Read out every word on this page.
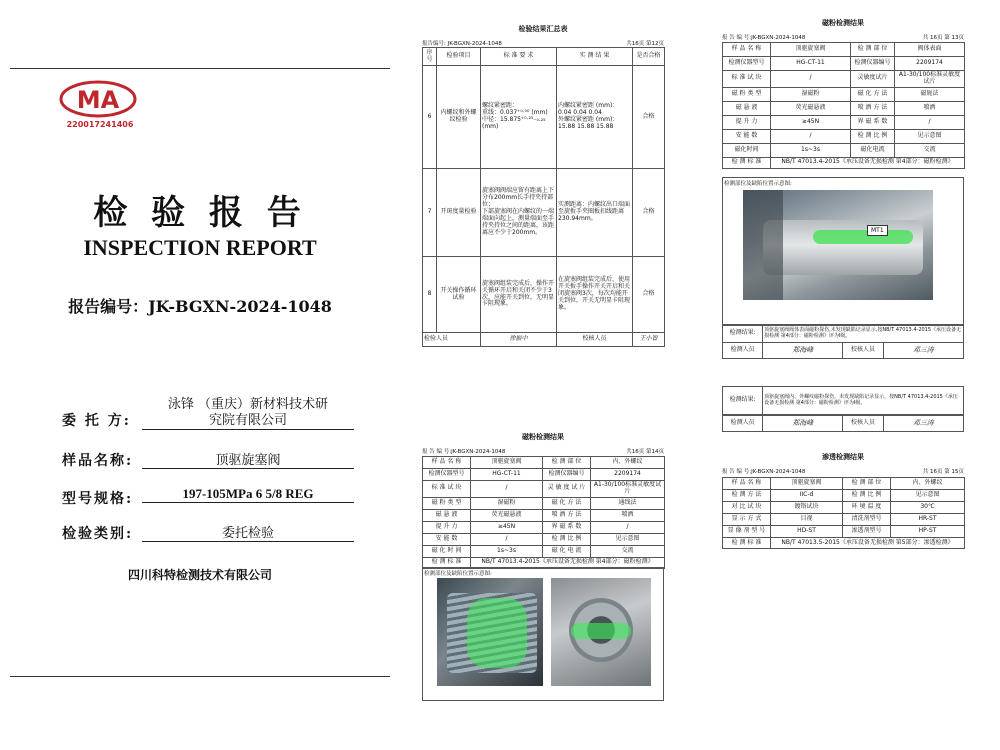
MA
220017241406
检 验 报 告
INSPECTION REPORT
报告编号：JK-BGXN-2024-1048
委 托 方:
泳锋 （重庆）新材料技术研
究院有限公司
样品名称:	顶驱旋塞阀
型号规格:	197-105MPa 6 5/8 REG
检验类别:	委托检验
四川科特检测技术有限公司
检验结果汇总表
报告编号: JK-BGXN-2024-1048	共16页 第12页
序号	检验项目	标 准 要 求	实 测 结 果	是否合格
6	内螺纹和外螺纹检验	螺纹紧密距：
重线：0.037⁺⁰⋅⁰⁰ (mm)
中径：15.875⁺⁰⋅²⁵₋₀.₂₅ (mm)	内螺纹紧密距 (mm)：
0.04 0.04 0.04
外螺纹紧密距 (mm)：
15.88 15.88 15.88	合格
7	开斑度量检验	旋塞阀阀端应留有距离上下分布200mm长手持夹持部位；
下部旋塞阀在内螺纹的一端端面向起上，测量端面至手持夹持位之间的距离，该距离应不少于200mm。	实测距离：内螺纹出口端面至旋扳手夹圈板扣线距离230.94mm。	合格
8	开关操作循环试验	旋塞阀组装完成后，操作开关循环开启和关闭不少于3次，应能开关到位，无明显卡阻现象。	在旋塞阀组装完成后，使用开关扳手操作开关开启和关闭旋塞阀3次，每次均能开关到位，开关无明显卡阻现象。	合格
检验人员		徐振中	校核人员	王小智
磁粉检测结果
报 告 编 号:JK-BGXN-2024-1048	共 16页 第 13页
样 品 名 称	顶驱旋塞阀	检 测 部 位	阀体表面
检测仪器型号	HG-CT-11	检测仪器编号	2209174
标 准 试 块	/	灵敏度试片	A1-30/100标准灵敏度试片
磁 粉 类 型	湿磁粉	磁 化 方 法	磁轭法
磁 悬 液	荧光磁悬液	喷 洒 方 法	喷洒
提 升 力	≥45N	界 磁 系 数	/
安 能 数	/	检 测 比 例	见示意图
磁化时间	1s~3s	磁化电流	交流
检 测 标 准	NB/T 47013.4-2015《承压设备无损检测 第4部分：磁粉检测》		
检测部位及缺陷位置示意图:
MT1
检测结果:	顶驱旋塞阀阀体表面磁粉探伤,未发现缺陷记录显示,按NB/T 47013.4-2015《承压设备无损检测 第4部分：磁粉检测》评为I级。
检测人员	郑海峰	校核人员	邓三涛
检测结果:	顶驱旋塞阀内、外螺纹磁粉探伤，未发现缺陷记录显示，按NB/T 47013.4-2015《承压设备无损检测 第4部分：磁粉检测》评为I级。
检测人员	郑海峰	校核人员	邓三涛
磁粉检测结果
报 告 编 号:JK-BGXN-2024-1048	共16页 第14页
样 品 名 称	顶驱旋塞阀	检 测 部 位	内、外螺纹
检测仪器型号	HG-CT-11	检测仪器编号	2209174
标 准 试 块	/	灵 敏 度 试 片	A1-30/100标准灵敏度试片
磁 粉 类 型	湿磁粉	磁 化 方 法	通线法
磁 悬 液	荧光磁悬液	喷 洒 方 法	喷洒
提 升 力	≥45N	界 磁 系 数	/
安 能 数	/	检 测 比 例	见示意图
磁 化 时 间	1s~3s	磁 化 电 流	交流
检 测 标 准	NB/T 47013.4-2015《承压设备无损检测 第4部分：磁粉检测》		
检测部位及缺陷位置示意图:
渗透检测结果
报 告 编 号:JK-BGXN-2024-1048	共 16页 第 15页
样 品 名 称	顶驱旋塞阀	检 测 部 位	内、外螺纹
检 测 方 法	IIC-d	检 测 比 例	见示意图
对 比 试 块	镀铬试块	环 境 温 度	30℃
显 示 方 式	目视	清洗剂型号	HR-ST
显 像 剂 型 号	HD-ST	渗透剂型号	HP-ST
检 测 标 准	NB/T 47013.5-2015《承压设备无损检测 第5部分：渗透检测》		
